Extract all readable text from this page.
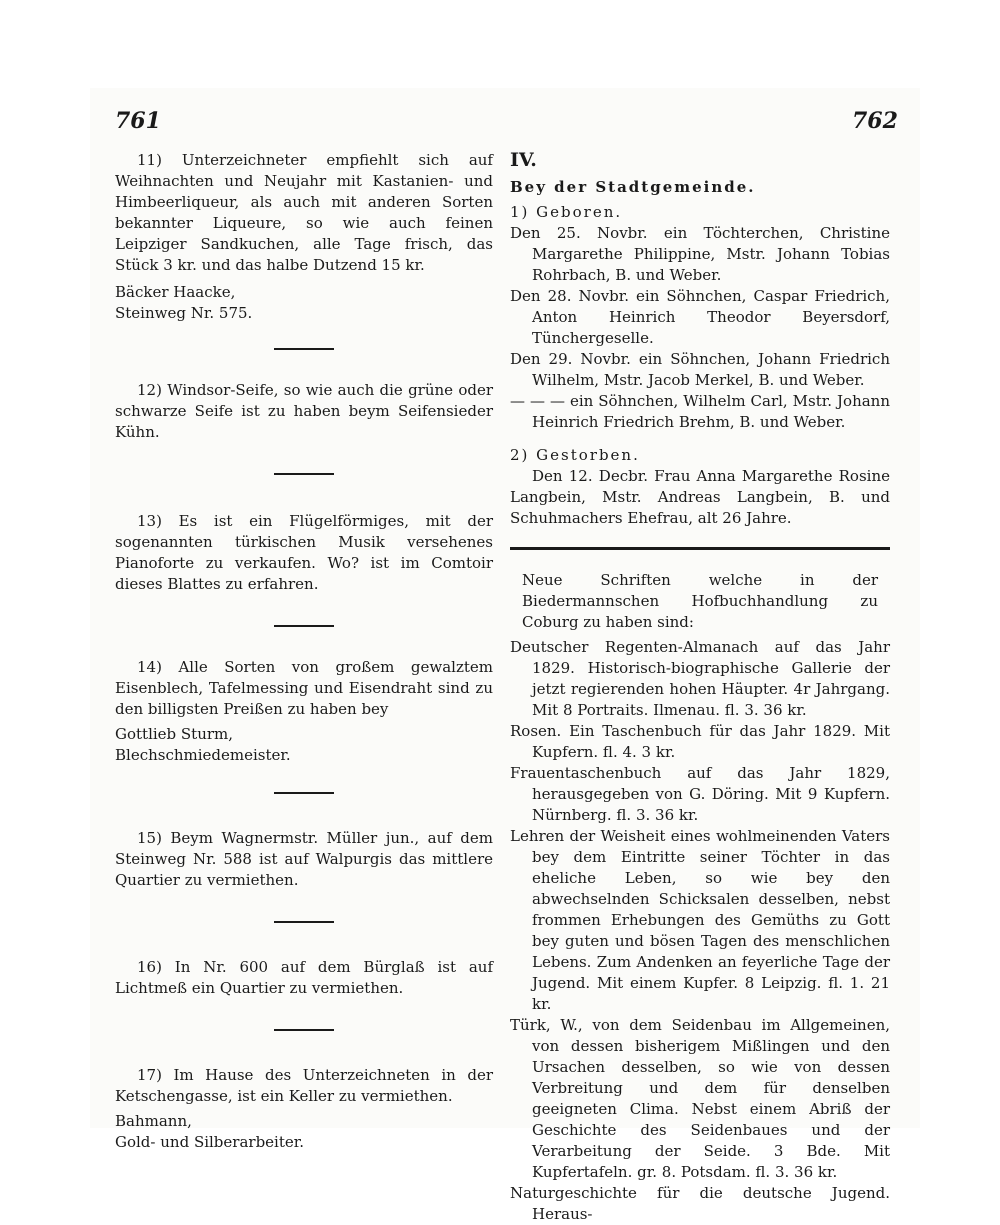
761	762

11) Unterzeichneter empfiehlt sich auf Weihnachten und Neujahr mit Kastanien- und Himbeerliqueur, als auch mit anderen Sorten bekannter Liqueure, so wie auch feinen Leipziger Sandkuchen, alle Tage frisch, das Stück 3 kr. und das halbe Dutzend 15 kr.

Bäcker Haacke,

Steinweg Nr. 575.

12) Windsor-Seife, so wie auch die grüne oder schwarze Seife ist zu haben beym Seifensieder Kühn.

13) Es ist ein Flügelförmiges, mit der sogenannten türkischen Musik versehenes Pianoforte zu verkaufen. Wo? ist im Comtoir dieses Blattes zu erfahren.

14) Alle Sorten von großem gewalztem Eisenblech, Tafelmessing und Eisendraht sind zu den billigsten Preißen zu haben bey

Gottlieb Sturm,

Blechschmiedemeister.

15) Beym Wagnermstr. Müller jun., auf dem Steinweg Nr. 588 ist auf Walpurgis das mittlere Quartier zu vermiethen.

16) In Nr. 600 auf dem Bürglaß ist auf Lichtmeß ein Quartier zu vermiethen.

17) Im Hause des Unterzeichneten in der Ketschengasse, ist ein Keller zu vermiethen.

Bahmann,

Gold- und Silberarbeiter.

IV.

Bey der Stadtgemeinde.

1) Geboren.

Den 25. Novbr. ein Töchterchen, Christine Margarethe Philippine, Mstr. Johann Tobias Rohrbach, B. und Weber.

Den 28. Novbr. ein Söhnchen, Caspar Friedrich, Anton Heinrich Theodor Beyersdorf, Tünchergeselle.

Den 29. Novbr. ein Söhnchen, Johann Friedrich Wilhelm, Mstr. Jacob Merkel, B. und Weber.

— — — ein Söhnchen, Wilhelm Carl, Mstr. Johann Heinrich Friedrich Brehm, B. und Weber.

2) Gestorben.

Den 12. Decbr. Frau Anna Margarethe Rosine Langbein, Mstr. Andreas Langbein, B. und Schuhmachers Ehefrau, alt 26 Jahre.

Neue Schriften welche in der Biedermannschen Hofbuchhandlung zu Coburg zu haben sind:

Deutscher Regenten-Almanach auf das Jahr 1829. Historisch-biographische Gallerie der jetzt regierenden hohen Häupter. 4r Jahrgang. Mit 8 Portraits. Ilmenau. fl. 3. 36 kr.

Rosen. Ein Taschenbuch für das Jahr 1829. Mit Kupfern. fl. 4. 3 kr.

Frauentaschenbuch auf das Jahr 1829, herausgegeben von G. Döring. Mit 9 Kupfern. Nürnberg. fl. 3. 36 kr.

Lehren der Weisheit eines wohlmeinenden Vaters bey dem Eintritte seiner Töchter in das eheliche Leben, so wie bey den abwechselnden Schicksalen desselben, nebst frommen Erhebungen des Gemüths zu Gott bey guten und bösen Tagen des menschlichen Lebens. Zum Andenken an feyerliche Tage der Jugend. Mit einem Kupfer. 8 Leipzig. fl. 1. 21 kr.

Türk, W., von dem Seidenbau im Allgemeinen, von dessen bisherigem Mißlingen und den Ursachen desselben, so wie von dessen Verbreitung und dem für denselben geeigneten Clima. Nebst einem Abriß der Geschichte des Seidenbaues und der Verarbeitung der Seide. 3 Bde. Mit Kupfertafeln. gr. 8. Potsdam. fl. 3. 36 kr.

Naturgeschichte für die deutsche Jugend. Heraus-
